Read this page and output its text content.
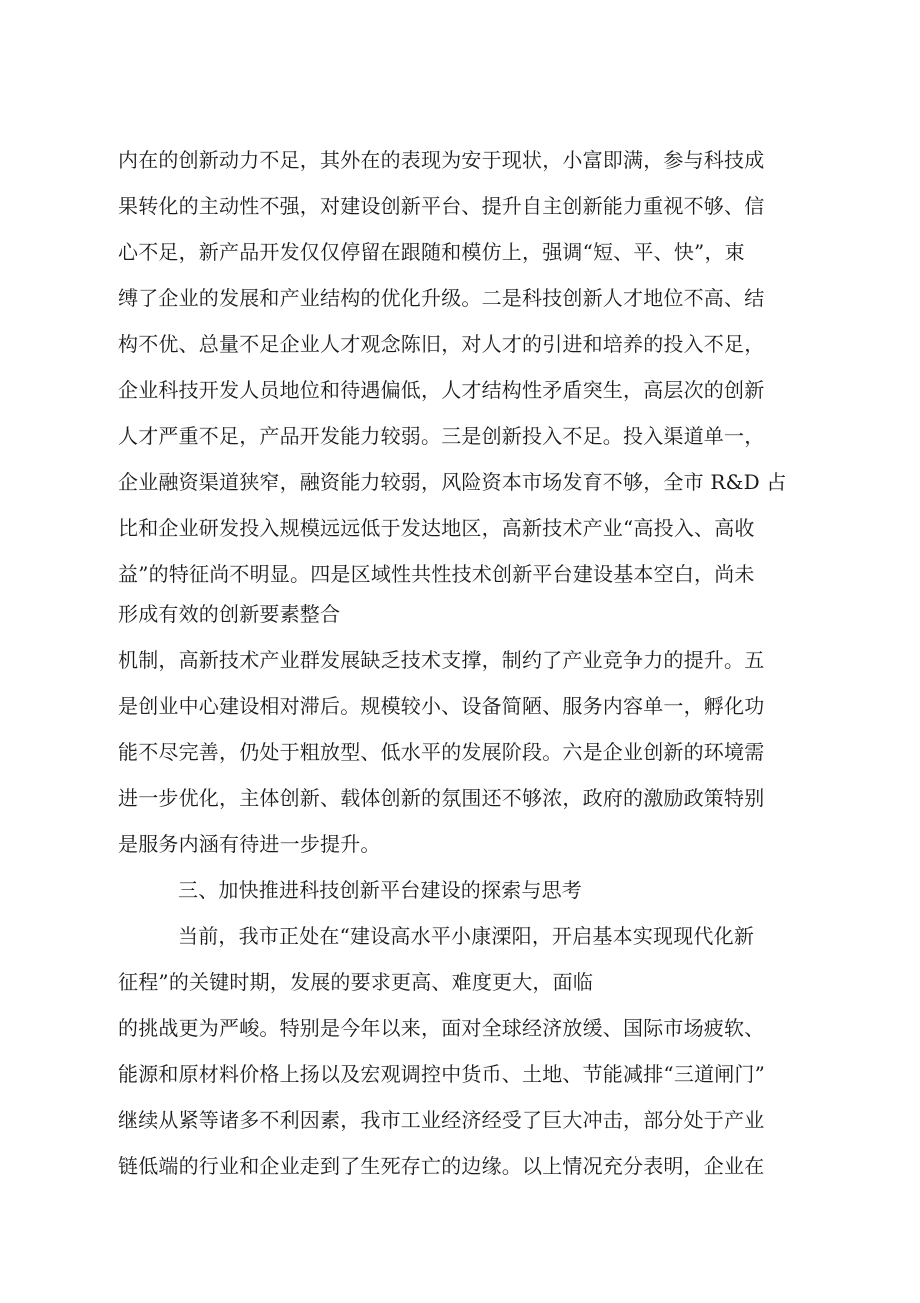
内在的创新动力不足，其外在的表现为安于现状，小富即满，参与科技成
果转化的主动性不强，对建设创新平台、提升自主创新能力重视不够、信
心不足，新产品开发仅仅停留在跟随和模仿上，强调“短、平、快”，束
缚了企业的发展和产业结构的优化升级。二是科技创新人才地位不高、结
构不优、总量不足企业人才观念陈旧，对人才的引进和培养的投入不足，
企业科技开发人员地位和待遇偏低，人才结构性矛盾突生，高层次的创新
人才严重不足，产品开发能力较弱。三是创新投入不足。投入渠道单一，
企业融资渠道狭窄，融资能力较弱，风险资本市场发育不够，全市 R&D 占
比和企业研发投入规模远远低于发达地区，高新技术产业“高投入、高收
益”的特征尚不明显。四是区域性共性技术创新平台建设基本空白，尚未
形成有效的创新要素整合
机制，高新技术产业群发展缺乏技术支撑，制约了产业竞争力的提升。五
是创业中心建设相对滞后。规模较小、设备简陋、服务内容单一，孵化功
能不尽完善，仍处于粗放型、低水平的发展阶段。六是企业创新的环境需
进一步优化，主体创新、载体创新的氛围还不够浓，政府的激励政策特别
是服务内涵有待进一步提升。
三、加快推进科技创新平台建设的探索与思考
当前，我市正处在“建设高水平小康溧阳，开启基本实现现代化新
征程”的关键时期，发展的要求更高、难度更大，面临
的挑战更为严峻。特别是今年以来，面对全球经济放缓、国际市场疲软、
能源和原材料价格上扬以及宏观调控中货币、土地、节能减排“三道闸门”
继续从紧等诸多不利因素，我市工业经济经受了巨大冲击，部分处于产业
链低端的行业和企业走到了生死存亡的边缘。以上情况充分表明，企业在
